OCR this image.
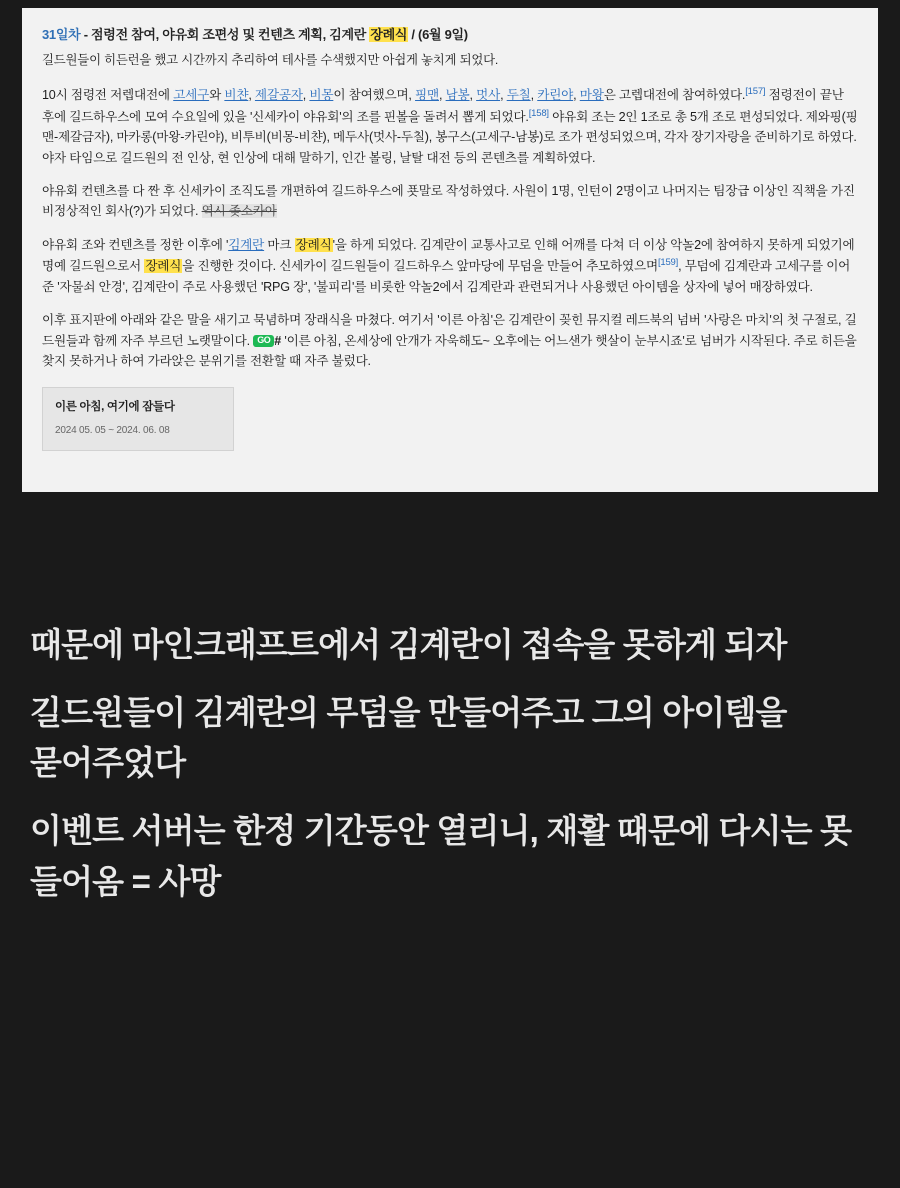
31일차 - 점령전 참여, 야유회 조편성 및 컨텐츠 계획, 김계란 장례식 / (6월 9일)
길드원들이 히든런을 했고 시간까지 추리하여 테사를 수색했지만 아쉽게 놓치게 되었다.

10시 점령전 저렙대전에 고세구와 비챤, 제갈공자, 비몽이 참여했으며, 핑맨, 남봉, 멋사, 두칠, 카린야, 마왕은 고렙대전에 참여하였다.[157] 점령전이 끝난 후에 길드하우스에 모여 수요일에 있을 '신세카이 야유회'의 조를 핀볼을 돌려서 뽑게 되었다.[158] 야유회 조는 2인 1조로 총 5개 조로 편성되었다. 제와핑(핑맨-제갈금자), 마카롱(마왕-카린야), 비투비(비몽-비챤), 메두사(멋사-두칠), 봉구스(고세구-남봉)로 조가 편성되었으며, 각자 장기자랑을 준비하기로 하였다. 야자 타임으로 길드원의 전 인상, 현 인상에 대해 말하기, 인간 볼링, 날탈 대전 등의 콘텐츠를 계획하였다.

야유회 컨텐츠를 다 짠 후 신세카이 조직도를 개편하여 길드하우스에 푯말로 작성하였다. 사원이 1명, 인턴이 2명이고 나머지는 팀장급 이상인 직책을 가진 비정상적인 회사(?)가 되었다. 역시 좆소카아

야유회 조와 컨텐츠를 정한 이후에 '김계란 마크 장례식'을 하게 되었다. 김계란이 교통사고로 인해 어깨를 다쳐 더 이상 악놀2에 참여하지 못하게 되었기에 명예 길드원으로서 장례식을 진행한 것이다. 신세카이 길드원들이 길드하우스 앞마당에 무덤을 만들어 추모하였으며[159], 무덤에 김계란과 고세구를 이어준 '자물쇠 안경', 김계란이 주로 사용했던 'RPG 장', '불피리'를 비롯한 악놀2에서 김계란과 관련되거나 사용했던 아이템을 상자에 넣어 매장하였다.

이후 표지판에 아래와 같은 말을 새기고 묵념하며 장래식을 마쳤다. 여기서 '이른 아침'은 김계란이 꽂힌 뮤지컬 레드북의 넘버 '사랑은 마치'의 첫 구절로, 길드원들과 함께 자주 부르던 노랫말이다. GO # '이른 아침, 온세상에 안개가 자욱해도~ 오후에는 어느샌가 햇살이 눈부시죠'로 넘버가 시작된다. 주로 히든을 찾지 못하거나 하여 가라앉은 분위기를 전환할 때 자주 불렀다.

이른 아침, 여기에 잠들다
2024 05. 05 ~ 2024. 06. 08

때문에 마인크래프트에서 김계란이 접속을 못하게 되자

길드원들이 김계란의 무덤을 만들어주고 그의 아이템을 묻어주었다

이벤트 서버는 한정 기간동안 열리니, 재활 때문에 다시는 못 들어옴 = 사망
